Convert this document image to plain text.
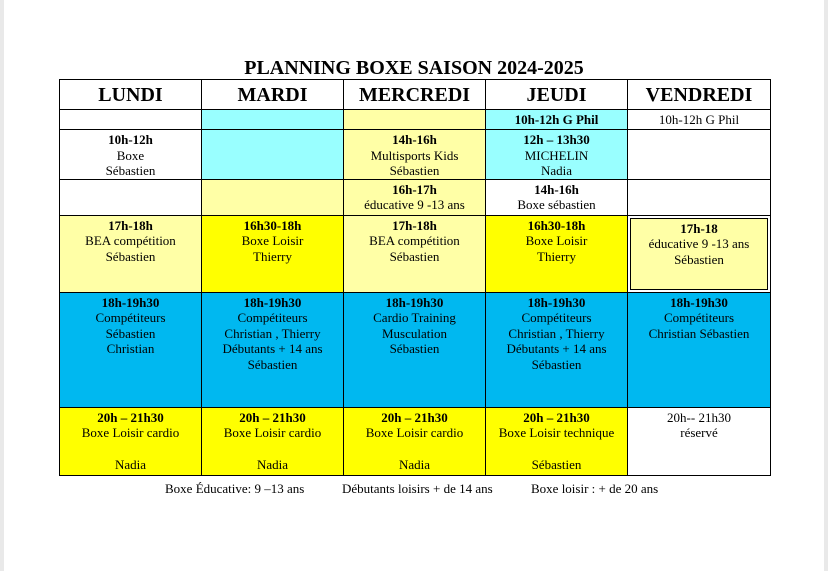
PLANNING BOXE SAISON 2024-2025
LUNDI	MARDI	MERCREDI	JEUDI	VENDREDI

			10h-12h G Phil	10h-12h G Phil

10h-12h
Boxe
Sébastien		14h-16h
Multisports Kids
Sébastien	12h – 13h30
MICHELIN
Nadia	

		16h-17h
éducative 9 -13 ans	14h-16h
Boxe sébastien	

17h-18h
BEA compétition
Sébastien	16h30-18h
Boxe Loisir
Thierry	17h-18h
BEA compétition
Sébastien	16h30-18h
Boxe Loisir
Thierry	17h-18
éducative 9 -13 ans
Sébastien

18h-19h30
Compétiteurs
Sébastien
Christian	18h-19h30
Compétiteurs
Christian , Thierry
Débutants + 14 ans
Sébastien	18h-19h30
Cardio Training
Musculation
Sébastien	18h-19h30
Compétiteurs
Christian , Thierry
Débutants + 14 ans
Sébastien	18h-19h30
Compétiteurs
Christian Sébastien

20h – 21h30
Boxe Loisir cardio
Nadia	20h – 21h30
Boxe Loisir cardio
Nadia	20h – 21h30
Boxe Loisir cardio
Nadia	20h – 21h30
Boxe Loisir technique
Sébastien	20h-- 21h30
réservé
Boxe Éducative: 9 –13 ans	Débutants loisirs + de 14 ans	Boxe loisir : + de 20 ans
